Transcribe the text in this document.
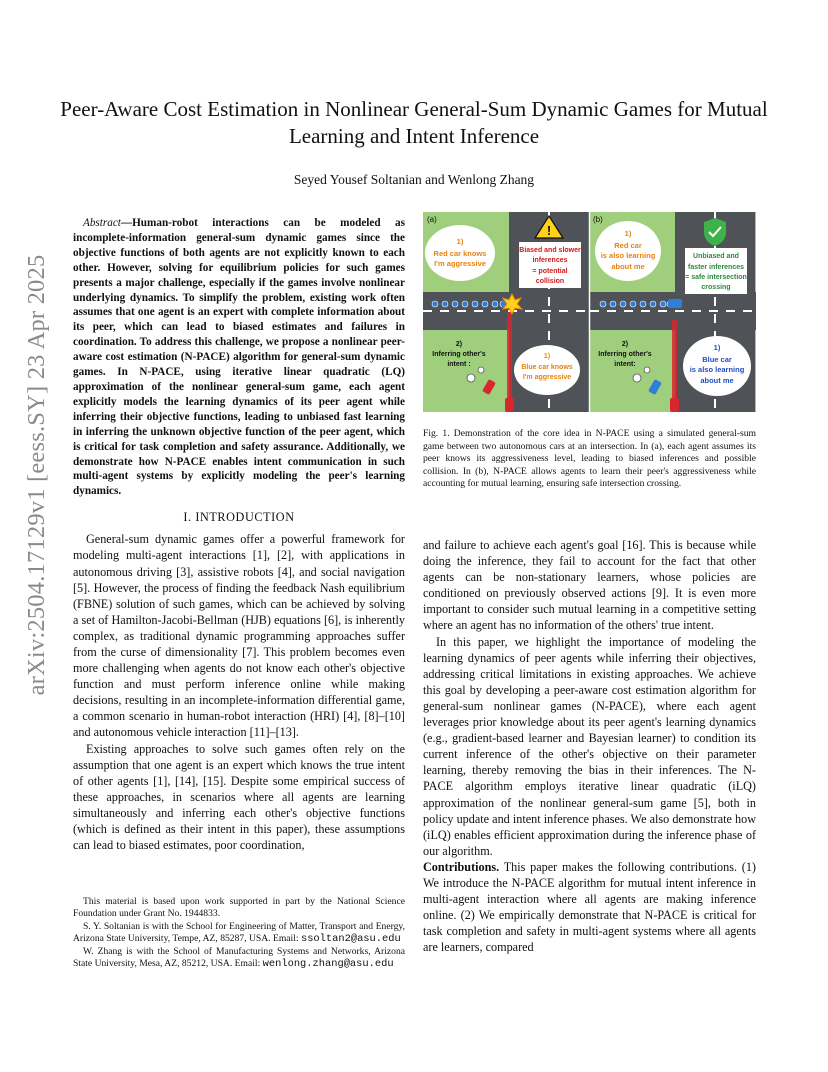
arXiv:2504.17129v1 [eess.SY] 23 Apr 2025
Peer-Aware Cost Estimation in Nonlinear General-Sum Dynamic Games for Mutual Learning and Intent Inference
Seyed Yousef Soltanian and Wenlong Zhang
Abstract—Human-robot interactions can be modeled as incomplete-information general-sum dynamic games since the objective functions of both agents are not explicitly known to each other. However, solving for equilibrium policies for such games presents a major challenge, especially if the games involve nonlinear underlying dynamics. To simplify the problem, existing work often assumes that one agent is an expert with complete information about its peer, which can lead to biased estimates and failures in coordination. To address this challenge, we propose a nonlinear peer-aware cost estimation (N-PACE) algorithm for general-sum dynamic games. In N-PACE, using iterative linear quadratic (LQ) approximation of the nonlinear general-sum game, each agent explicitly models the learning dynamics of its peer agent while inferring their objective functions, leading to unbiased fast learning in inferring the unknown objective function of the peer agent, which is critical for task completion and safety assurance. Additionally, we demonstrate how N-PACE enables intent communication in such multi-agent systems by explicitly modeling the peer's learning dynamics.
I. INTRODUCTION

General-sum dynamic games offer a powerful framework for modeling multi-agent interactions [1], [2], with applications in autonomous driving [3], assistive robots [4], and social navigation [5]. However, the process of finding the feedback Nash equilibrium (FBNE) solution of such games, which can be achieved by solving a set of Hamilton-Jacobi-Bellman (HJB) equations [6], is inherently complex, as traditional dynamic programming approaches suffer from the curse of dimensionality [7]. This problem becomes even more challenging when agents do not know each other's objective function and must perform inference online while making decisions, resulting in an incomplete-information differential game, a common scenario in human-robot interaction (HRI) [4], [8]–[10] and autonomous vehicle interaction [11]–[13].

Existing approaches to solve such games often rely on the assumption that one agent is an expert which knows the true intent of other agents [1], [14], [15]. Despite some empirical success of these approaches, in scenarios where all agents are learning simultaneously and inferring each other's objective functions (which is defined as their intent in this paper), these assumptions can lead to biased estimates, poor coordination,

(a)	(b)
1)
Red car knows
I'm aggressive
!
Biased and slower
inferences
= potential
collision
2)
Inferring other's
intent :
1)
Blue car knows
I'm aggressive
1)
Red car
is also learning
about me
Unbiased and
faster inferences
= safe intersection
crossing
2)
Inferring other's
intent:
1)
Blue car
is also learning
about me
Fig. 1. Demonstration of the core idea in N-PACE using a simulated general-sum game between two autonomous cars at an intersection. In (a), each agent assumes its peer knows its aggressiveness level, leading to biased inferences and possible collision. In (b), N-PACE allows agents to learn their peer's aggressiveness while accounting for mutual learning, ensuring safe intersection crossing.

and failure to achieve each agent's goal [16]. This is because while doing the inference, they fail to account for the fact that other agents can be non-stationary learners, whose policies are conditioned on previously observed actions [9]. It is even more important to consider such mutual learning in a competitive setting where an agent has no information of the others' true intent.

In this paper, we highlight the importance of modeling the learning dynamics of peer agents while inferring their objectives, addressing critical limitations in existing approaches. We achieve this goal by developing a peer-aware cost estimation algorithm for general-sum nonlinear games (N-PACE), where each agent leverages prior knowledge about its peer agent's learning dynamics (e.g., gradient-based learner and Bayesian learner) to condition its current inference of the other's objective on their parameter learning, thereby removing the bias in their inferences. The N-PACE algorithm employs iterative linear quadratic (iLQ) approximation of the nonlinear general-sum game [5], both in policy update and intent inference phases. We also demonstrate how (iLQ) enables efficient approximation during the inference phase of our algorithm.

Contributions. This paper makes the following contributions. (1) We introduce the N-PACE algorithm for mutual intent inference in multi-agent interaction where all agents are making inference online. (2) We empirically demonstrate that N-PACE is critical for task completion and safety in multi-agent systems where all agents are learners, compared

This material is based upon work supported in part by the National Science Foundation under Grant No. 1944833.

S. Y. Soltanian is with the School for Engineering of Matter, Transport and Energy, Arizona State University, Tempe, AZ, 85287, USA. Email: ssoltan2@asu.edu

W. Zhang is with the School of Manufacturing Systems and Networks, Arizona State University, Mesa, AZ, 85212, USA. Email: wenlong.zhang@asu.edu
